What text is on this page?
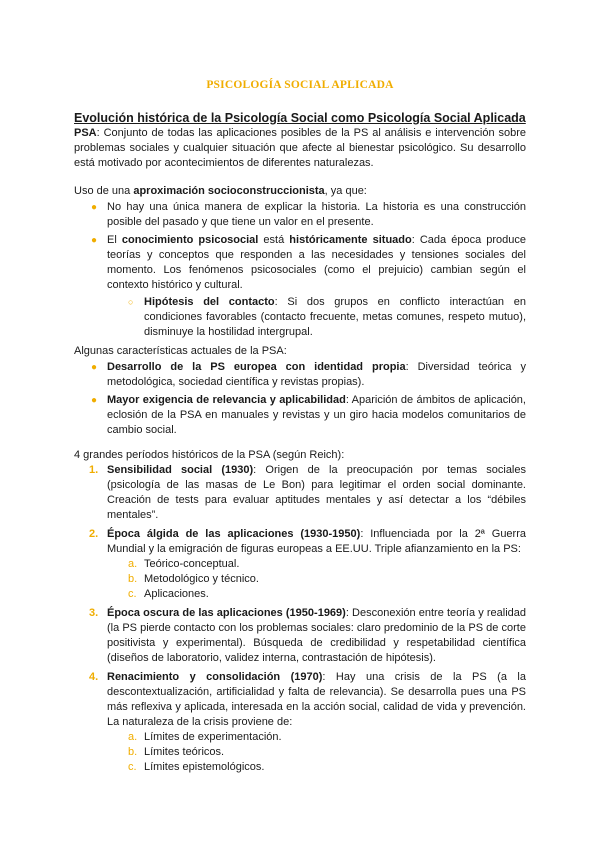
PSICOLOGÍA SOCIAL APLICADA
Evolución histórica de la Psicología Social como Psicología Social Aplicada
PSA: Conjunto de todas las aplicaciones posibles de la PS al análisis e intervención sobre problemas sociales y cualquier situación que afecte al bienestar psicológico. Su desarrollo está motivado por acontecimientos de diferentes naturalezas.
Uso de una aproximación socioconstruccionista, ya que:
● No hay una única manera de explicar la historia. La historia es una construcción posible del pasado y que tiene un valor en el presente.
● El conocimiento psicosocial está históricamente situado: Cada época produce teorías y conceptos que responden a las necesidades y tensiones sociales del momento. Los fenómenos psicosociales (como el prejuicio) cambian según el contexto histórico y cultural.
○ Hipótesis del contacto: Si dos grupos en conflicto interactúan en condiciones favorables (contacto frecuente, metas comunes, respeto mutuo), disminuye la hostilidad intergrupal.
Algunas características actuales de la PSA:
● Desarrollo de la PS europea con identidad propia: Diversidad teórica y metodológica, sociedad científica y revistas propias).
● Mayor exigencia de relevancia y aplicabilidad: Aparición de ámbitos de aplicación, eclosión de la PSA en manuales y revistas y un giro hacia modelos comunitarios de cambio social.
4 grandes períodos históricos de la PSA (según Reich):
1. Sensibilidad social (1930): Origen de la preocupación por temas sociales (psicología de las masas de Le Bon) para legitimar el orden social dominante. Creación de tests para evaluar aptitudes mentales y así detectar a los “débiles mentales”.
2. Época álgida de las aplicaciones (1930-1950): Influenciada por la 2ª Guerra Mundial y la emigración de figuras europeas a EE.UU. Triple afianzamiento en la PS:
a. Teórico-conceptual.
b. Metodológico y técnico.
c. Aplicaciones.
3. Época oscura de las aplicaciones (1950-1969): Desconexión entre teoría y realidad (la PS pierde contacto con los problemas sociales: claro predominio de la PS de corte positivista y experimental). Búsqueda de credibilidad y respetabilidad científica (diseños de laboratorio, validez interna, contrastación de hipótesis).
4. Renacimiento y consolidación (1970): Hay una crisis de la PS (a la descontextualización, artificialidad y falta de relevancia). Se desarrolla pues una PS más reflexiva y aplicada, interesada en la acción social, calidad de vida y prevención. La naturaleza de la crisis proviene de:
a. Límites de experimentación.
b. Límites teóricos.
c. Límites epistemológicos.
